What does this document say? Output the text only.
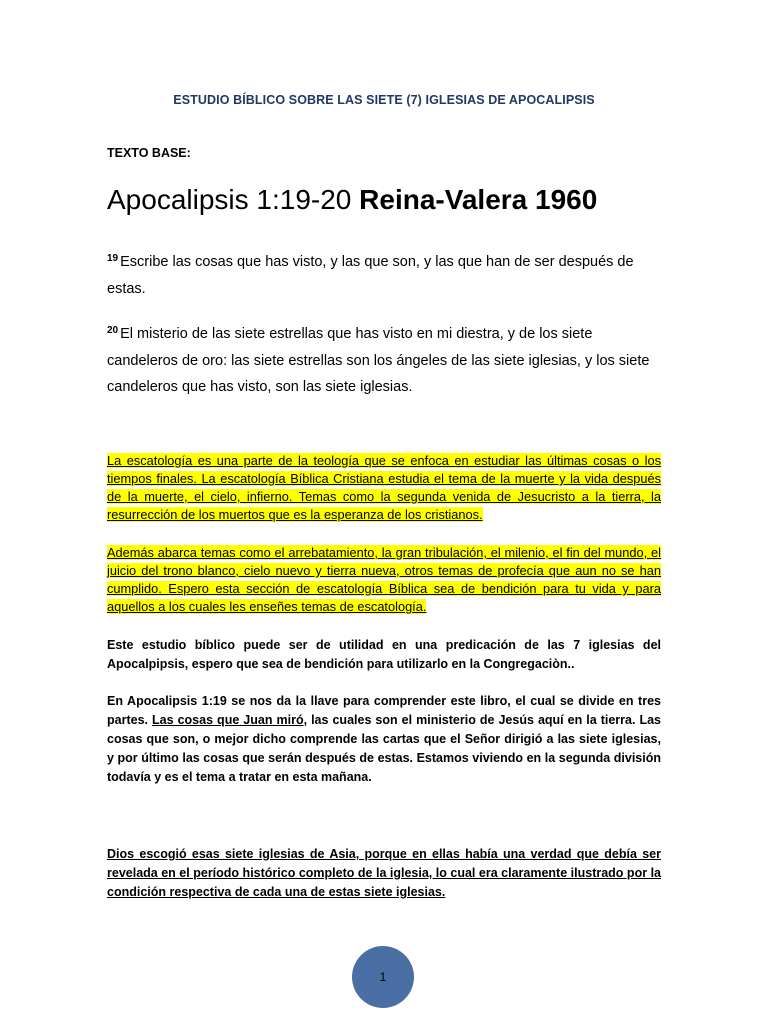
ESTUDIO BÍBLICO SOBRE LAS SIETE (7) IGLESIAS DE APOCALIPSIS
TEXTO BASE:
Apocalipsis 1:19-20 Reina-Valera 1960
$^{19}$ Escribe las cosas que has visto, y las que son, y las que han de ser después de estas.
$^{20}$ El misterio de las siete estrellas que has visto en mi diestra, y de los siete candeleros de oro: las siete estrellas son los ángeles de las siete iglesias, y los siete candeleros que has visto, son las siete iglesias.
La escatología es una parte de la teología que se enfoca en estudiar las últimas cosas o los tiempos finales. La escatología Bíblica Cristiana estudia el tema de la muerte y la vida después de la muerte, el cielo, infierno. Temas como la segunda venida de Jesucristo a la tierra, la resurrección de los muertos que es la esperanza de los cristianos.
Además abarca temas como el arrebatamiento, la gran tribulación, el milenio, el fin del mundo, el juicio del trono blanco, cielo nuevo y tierra nueva, otros temas de profecía que aun no se han cumplido. Espero esta sección de escatología Bíblica sea de bendición para tu vida y para aquellos a los cuales les enseñes temas de escatología.
Este estudio bíblico puede ser de utilidad en una predicación de las 7 iglesias del Apocalpipsis, espero que sea de bendición para utilizarlo en la Congregaciòn..
En Apocalipsis 1:19 se nos da la llave para comprender este libro, el cual se divide en tres partes. Las cosas que Juan miró, las cuales son el ministerio de Jesús aquí en la tierra. Las cosas que son, o mejor dicho comprende las cartas que el Señor dirigió a las siete iglesias, y por último las cosas que serán después de estas. Estamos viviendo en la segunda división todavía y es el tema a tratar en esta mañana.
Dios escogió esas siete iglesias de Asia, porque en ellas había una verdad que debía ser revelada en el período histórico completo de la iglesia, lo cual era claramente ilustrado por la condición respectiva de cada una de estas siete iglesias.
1
